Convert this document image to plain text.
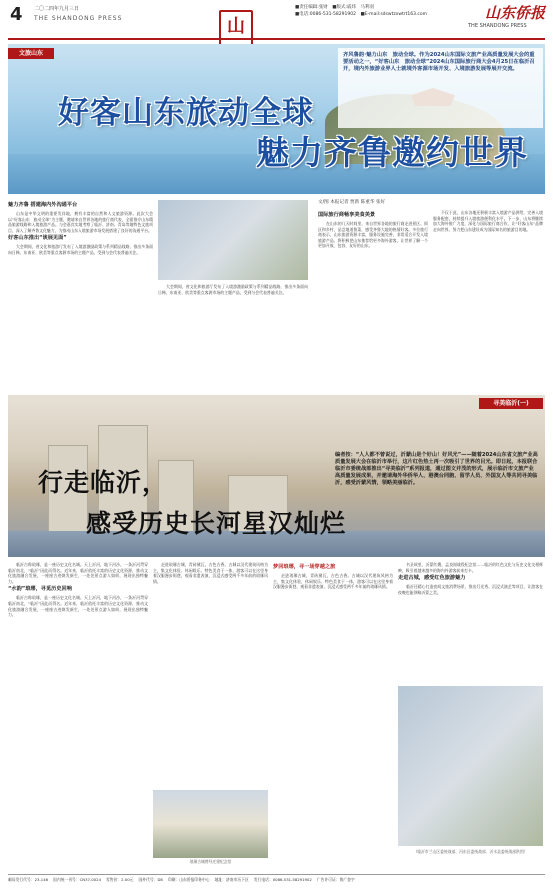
4 二〇二四年九月三日
THE SHANDONG PRESS	山
■责任编辑:张财　■版式:戚炜　马利羽
■电话:0086-531-58291902　■E-mail:sdswtzxwtrt163.com	山东侨报
THE SHANDONG PRESS
文旅山东
好客山东旅动全球
魅力齐鲁邀约世界
齐风鲁韵·魅力山东　旅动全球。作为2024山东国际文旅产业高质量发展大会的重要活动之一，“好客山东　旅动全球”2024山东国际旅行商大会4月25日在临沂召开，境内外旅游业界人士就境外客源市场开发、入境旅游发展等展开交流。
魅力齐鲁 搭建海内外沟通平台

山东是中华文明的重要发祥地，拥有丰富的自然和人文旅游资源。此次大会以“好客山东　旅动全球”为主题，邀请来自世界各地的旅行商代表，全面推介山东精品旅游线路和入境旅游产品。与会嘉宾实地考察了临沂、济南、青岛等地特色文旅项目，深入了解齐鲁文化魅力，为推动山东入境旅游市场发展搭建了良好的沟通平台。

好客山东推出“谈展见面”

大会期间，省文化和旅游厅发布了入境游激励政策与系列精品线路，推出多条面向日韩、东南亚、欧美等重点客源市场的主题产品，受到与会代表普遍关注。

大会期间，省文化和旅游厅发布了入境游激励政策与系列精品线路，推出多条面向日韩、东南亚、欧美等重点客源市场的主题产品，受到与会代表普遍关注。

文/图 本报记者 贾新 陈重华 张好
国际旅行商畅享美食美景

在山东的几天时间里，来自世界各地的旅行商走进景区、街区和乡村，品尝地道鲁菜，感受齐鲁大地的热情好客。多位旅行商表示，山东旅游资源丰富，服务设施完善，非常适合开发入境旅游产品，将积极把山东推荐给更多海外游客，让世界了解一个更加开放、包容、友好的山东。

不仅于此，山东各地还积极丰富入境游产品供给，完善入境服务配套，持续提升入境旅游便利化水平。下一步，山东将继续加大海外推广力度，深化与国际旅行商合作，让“好客山东”品牌走向世界，努力把山东建设成为国际知名的旅游目的地。

寻美临沂(一)
行走临沂，
感受历史长河星汉灿烂
编者按：“人人都不曾说过，沂蒙山是个好山！好风光”——随着2024山东省文旅产业高质量发展大会在临沂市举行，这片红色热土再一次吸引了世界的目光。即日起，本报联合临沂市委统战部推出“寻美临沂”系列报道，通过图文并茂的形式，展示临沂市文旅产业高质量发展成果，并邀请海外华侨华人、港澳台同胞、留学人员、外国友人等共同寻美临沂，感受沂蒙风情，领略美丽临沂。

临沂古称琅琊，是一座历史文化名城。天上沂河，地下河沙，一条沂河贯穿临沂南北，“临沂”因此而得名。近年来，临沂依托丰富的历史文化资源，推动文化旅游融合发展，一座座古迹焕发新生，一处处景点游人如织，展现出独特魅力。

“水韵”琅琊，寻觅历史回响

临沂古称琅琊，是一座历史文化名城。天上沂河，地下河沙，一条沂河贯穿临沂南北，“临沂”因此而得名。近年来，临沂依托丰富的历史文化资源，推动文化旅游融合发展，一座座古迹焕发新生，一处处景点游人如织，展现出独特魅力。

走进琅琊古城，青砖黛瓦，古色古香。古城以汉代建筑风格为主，集文化体验、休闲娱乐、特色美食于一体，游客可以在这里身着汉服漫步街巷，观看非遗表演，沉浸式感受两千多年前的琅琊风情。

琅琊古城曾经迁建纪念馆
梦回琅琊，寻一场穿越之旅

走进琅琊古城，青砖黛瓦，古色古香。古城以汉代建筑风格为主，集文化体验、休闲娱乐、特色美食于一体，游客可以在这里身着汉服漫步街巷，观看非遗表演，沉浸式感受两千多年前的琅琊风情。

书圣故里、沂蒙红嫂、孟良崮战役纪念馆……临沂的红色文化与历史文化交相辉映，吸引着越来越多的海内外游客前来打卡。

走进古城，感受红色旅游魅力

临沂还精心打造夜间文旅消费场景，推出灯光秀、沉浸式演艺等项目，让游客在夜晚也能领略沂蒙之美。

（临沂市兰山区委统战部、河东区委统战部、沂水县委统战部供图）
邮局发行代号：23-146　 国内统一刊号：CN37-0024　 零售价：2.00元　 国外代号：D8　 印刷：山东侨报印务中心　 地址：济南市历下区　 发行电话：0086-531-58291902　 广告许可证：鲁广登字
